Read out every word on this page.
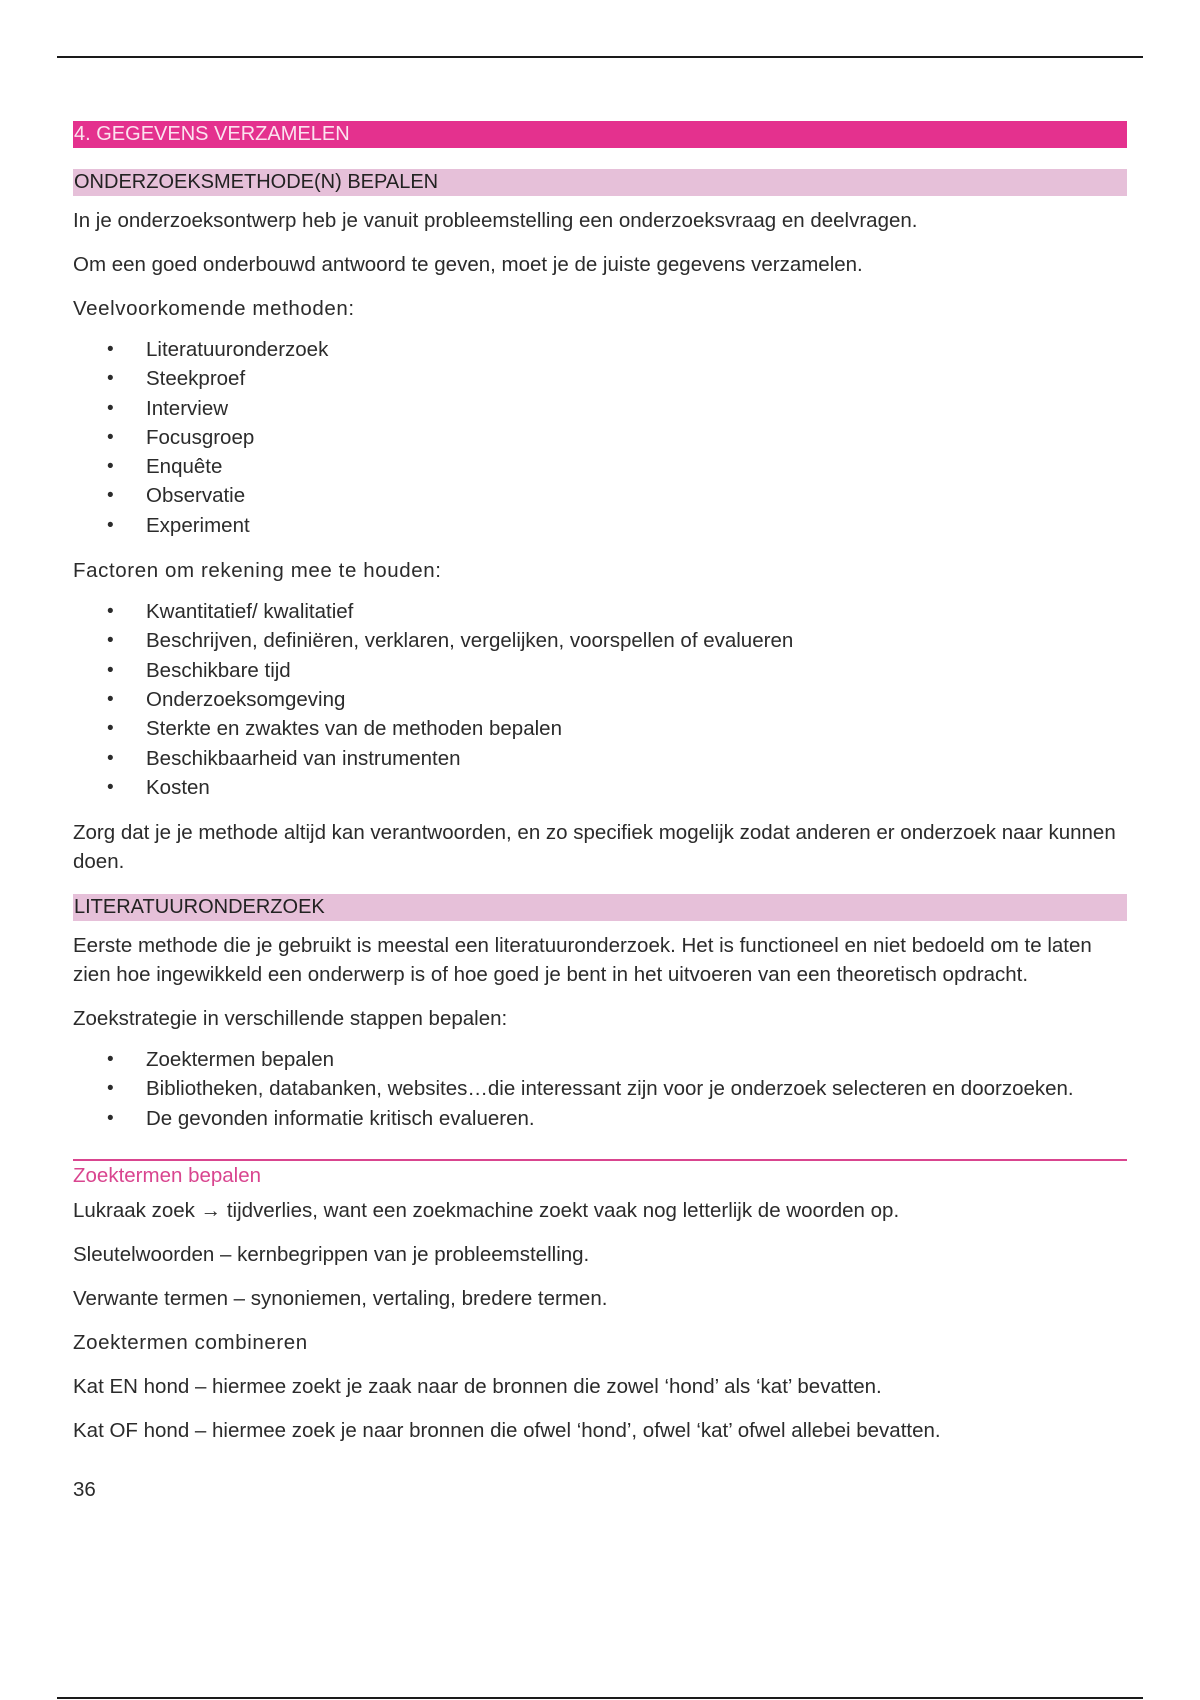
4. GEGEVENS VERZAMELEN
ONDERZOEKSMETHODE(N) BEPALEN

In je onderzoeksontwerp heb je vanuit probleemstelling een onderzoeksvraag en deelvragen.

Om een goed onderbouwd antwoord te geven, moet je de juiste gegevens verzamelen.

Veelvoorkomende methoden:

• Literatuuronderzoek
• Steekproef
• Interview
• Focusgroep
• Enquête
• Observatie
• Experiment

Factoren om rekening mee te houden:

• Kwantitatief/ kwalitatief
• Beschrijven, definiëren, verklaren, vergelijken, voorspellen of evalueren
• Beschikbare tijd
• Onderzoeksomgeving
• Sterkte en zwaktes van de methoden bepalen
• Beschikbaarheid van instrumenten
• Kosten

Zorg dat je je methode altijd kan verantwoorden, en zo specifiek mogelijk zodat anderen er onderzoek naar kunnen doen.

LITERATUURONDERZOEK

Eerste methode die je gebruikt is meestal een literatuuronderzoek. Het is functioneel en niet bedoeld om te laten zien hoe ingewikkeld een onderwerp is of hoe goed je bent in het uitvoeren van een theoretisch opdracht.

Zoekstrategie in verschillende stappen bepalen:

• Zoektermen bepalen
• Bibliotheken, databanken, websites…die interessant zijn voor je onderzoek selecteren en doorzoeken.
• De gevonden informatie kritisch evalueren.
Zoektermen bepalen

Lukraak zoek → tijdverlies, want een zoekmachine zoekt vaak nog letterlijk de woorden op.

Sleutelwoorden – kernbegrippen van je probleemstelling.

Verwante termen – synoniemen, vertaling, bredere termen.

Zoektermen combineren

Kat EN hond – hiermee zoekt je zaak naar de bronnen die zowel ‘hond’ als ‘kat’ bevatten.

Kat OF hond – hiermee zoek je naar bronnen die ofwel ‘hond’, ofwel ‘kat’ ofwel allebei bevatten.

36
